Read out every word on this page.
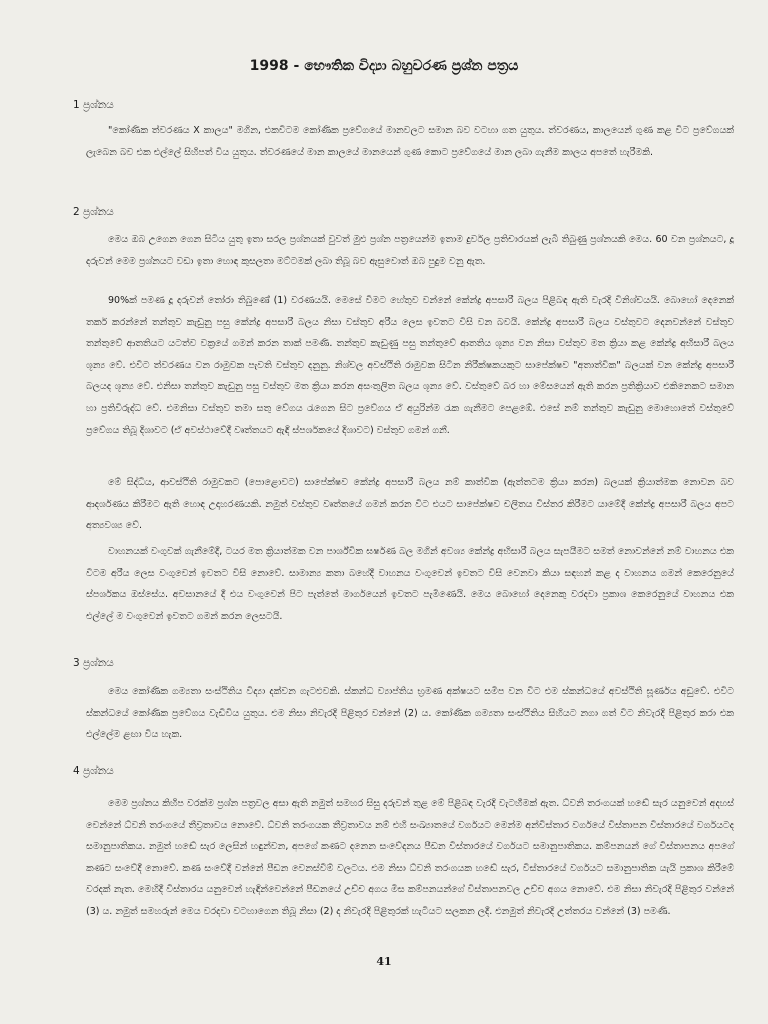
1998 - භෞතික විද්‍යා බහුවරණ ප්‍රශ්න පත්‍රය
1 ප්‍රශ්නය

"කෝණික ත්වරණය X කාලය" මගින, එකවිටම කෝණික ප්‍රවේගයේ මානවලට සමාන බව වටහා ගත යුතුය. ත්වරණය, කාලයෙන් ගුණ කළ විට ප්‍රවේගයක් ලැබෙන බව එක එල්ලේ සිහිපත් විය යුතුය. ත්වරණයේ මාන කාලයේ මානයෙන් ගුණ කොට ප්‍රවේගයේ මාන ලබා ගැනීම කාලය අපතේ හැරීමකි.

2 ප්‍රශ්නය

මෙය ඔබ උගෙන ගෙන සිටිය යුතු ඉතා සරල ප්‍රශ්නයක් වුවත් මුළු ප්‍රශ්න පත්‍රයෙන්ම ඉතාම දුර්වල ප්‍රතිචාරයක් ලැබී තිබුණු ප්‍රශ්නයකි මෙය. 60 වන ප්‍රශ්නයට, දූ දරුවන් මෙම ප්‍රශ්නයට වඩා ඉතා හොඳ කුසලතා මට්ටමක් ලබා තිබූ බව ඇසුවොත් ඔබ පුදුම වනු ඇත.

90%ක් පමණ දූ දරුවන් තෝරා තිබුණේ (1) වරණයයි. මෙසේ වීමට හේතුව වන්නේ කේන්ද්‍ර අපසාරී බලය පිළිබඳ ඇති වැරදි විනිශ්චයයි. බොහෝ දෙනෙක් තර්ක කරන්නේ තන්තුව කැඩුනු පසු කේන්ද්‍ර අපසාරී බලය නිසා වස්තුව අරීය ලෙස ඉවතට විසි වන බවයි. කේන්ද්‍ර අපසාරී බලය වස්තුවට දෙනවන්නේ වස්තුව තන්තුවේ ආතතියට යටත්ව වක්‍රයේ ගමන් කරන තාක් පමණි. තන්තුව කැඩුණු පසු තන්තුවේ ආතතිය ශූන්‍ය වන නිසා වස්තුව මත ක්‍රියා කළ කේන්ද්‍ර අභිසාරී බලය ශූන්‍ය වේ. එවිට ත්වරණය වන රාමුවක පැවති වස්තුව දනුනු. නිශ්චල අවස්ථිති රාමුවක සිටින නිරීක්ෂකයකුට සාපේක්ෂව "අතාත්වික" බලයක් වන කේන්ද්‍ර අපසාරී බලයද ශූන්‍ය වේ. එනිසා තන්තුව කැඩුනු පසු වස්තුව මත ක්‍රියා කරන අසංතුලිත බලය ශූන්‍ය වේ. වස්තුවේ බර හා මේසයෙන් ඇති කරන ප්‍රතික්‍රියාව එකිනෙකට සමාන හා ප්‍රතිවිරුද්ධ වේ. එමනිසා වස්තුව තමා සතු වේගය රැගෙන සිට ප්‍රවේගය ඒ අයුරින්ම රැක ගැනීමට පෙළඹේ. එසේ නම් තන්තුව කැඩුනු මොහොතේ වස්තුවේ ප්‍රවේගය තිබූ දිශාවට (ඒ අවස්ථාවේදී වෘත්තයට ඇඳි ස්පර්ශකයේ දිශාවට) වස්තුව ගමන් ගනී.

මේ සිද්ධිය, ආවස්ථිති රාමුවකට (පොළොවට) සාපේක්ෂව කේන්ද්‍ර අපසාරී බලය නම් කාත්වික (ඇත්තටම ක්‍රියා කරන) බලයක් ක්‍රියාත්මක නොවන බව ආදර්ශණය කිරීමට ඇති හොඳ උදාහරණයකි. නමුත් වස්තුව වෘත්තයේ ගමන් කරන විට එයට සාපේක්ෂව චලිතය විස්තර කිරීමට යාමේදී කේන්ද්‍ර අපසාරී බලය අපට අත්‍යවශ්‍ය වේ.

වාහනයක් වංගුවක් ගැනීමේදී, ටයර මත ක්‍රියාත්මක වන පාර්ශ්වික ඝර්ෂණ බල මගින් අවශ්‍ය කේන්ද්‍ර අභිසාරී බලය සැපයීමට සමත් නොවන්නේ නම් වාහනය එක විටම අරීය ලෙස වංගුවෙන් ඉවතට විසි නොවේ. සාමාන්‍ය කතා බහේදී වාහනය වංගුවෙන් ඉවතට විසි වෙනවා කියා සඳහන් කළ ද වාහනය ගමන් කෙරෙනුයේ ස්පර්ශකය ඔස්සේය. අවසානයේ දී එය වංගුවෙන් පිට පැත්තේ මාර්ගයෙන් ඉවතට පැමිණෙයි. මෙය බොහෝ දෙනෙකු වරදවා ප්‍රකාශ කෙරෙනුයේ වාහනය එක එල්ලේ ම වංගුවෙන් ඉවතට ගමන් කරන ලෙසටයි.

3 ප්‍රශ්නය

මෙය කෝණික ගම්‍යතා සංස්ථිතිය විද්‍යා දක්වන ගැටළුවකි. ස්කන්ධ ව්‍යාප්තිය භ්‍රමණ අක්ෂයට සමීප වන විට එම ස්කන්ධයේ අවස්ථිති ඝූර්ණය අඩුවේ. එවිට ස්කන්ධයේ කෝණික ප්‍රවේගය වැඩිවිය යුතුය. එම නිසා නිවැරදි පිළිතුර වන්නේ (2) ය. කෝණික ගම්‍යතා සංස්ථිතිය සිහියට නගා ගත් විට නිවැරදි පිළිතුර කරා එක එල්ලේම ළඟා විය හැක.

4 ප්‍රශ්නය

මෙම ප්‍රශ්නය කිහිප වරක්ම ප්‍රශ්න පත්‍රවල අසා ඇති නමුත් සමහර සිසු දරුවන් තුළ මේ පිළිබඳ වැරදි වැටහීමක් ඇත. ධ්වනි තරංගයක් හඬේ සැර යනුවෙන් අදහස් වෙන්නේ ධ්වනි තරංගයේ තීව්‍රතාවය නොවේ. ධ්වනි තරංගයක තීව්‍රතාවය නම් එහි සංඛ්‍යාතයේ වර්ගයට මෙන්ම අන්විස්තාර වර්ගයේ විස්තාපන විස්තාරයේ වර්ගයටද සමානුපාතිකය. නමුත් හඬේ සැර ලෙසින් හඳුන්වන, අපගේ කණට දනෙන සංවේදනය පීඩන විස්තාරයේ වර්ගයට සමානුපාතිකය. කම්පනයන් ගේ විස්තාපනය අපගේ කණට සංවේදී නොවේ. කණ සංවේදී වන්නේ පීඩන වෙනස්වීම් වලටය. එම නිසා ධ්වනි තරංගයක හඬේ සැර, විස්තාරයේ වර්ගයට සමානුපාතික යැයි ප්‍රකාශ කිරීමේ වරදක් නැත. මෙහිදී විස්තාරය යනුවෙන් හැඳින්වෙන්නේ පීඩනයේ උච්ච අගය මිස කම්පනයන්ගේ විස්තාපනවල උච්ච අගය නොවේ. එම නිසා නිවැරදි පිළිතුර වන්නේ (3) ය. නමුත් සමහරුන් මෙය වරදවා වටහාගෙන තිබූ නිසා (2) ද නිවැරදි පිළිතුරක් හැටියට සලකන ලදී. එනමුත් නිවැරදි උත්තරය වන්නේ (3) පමණි.

41
